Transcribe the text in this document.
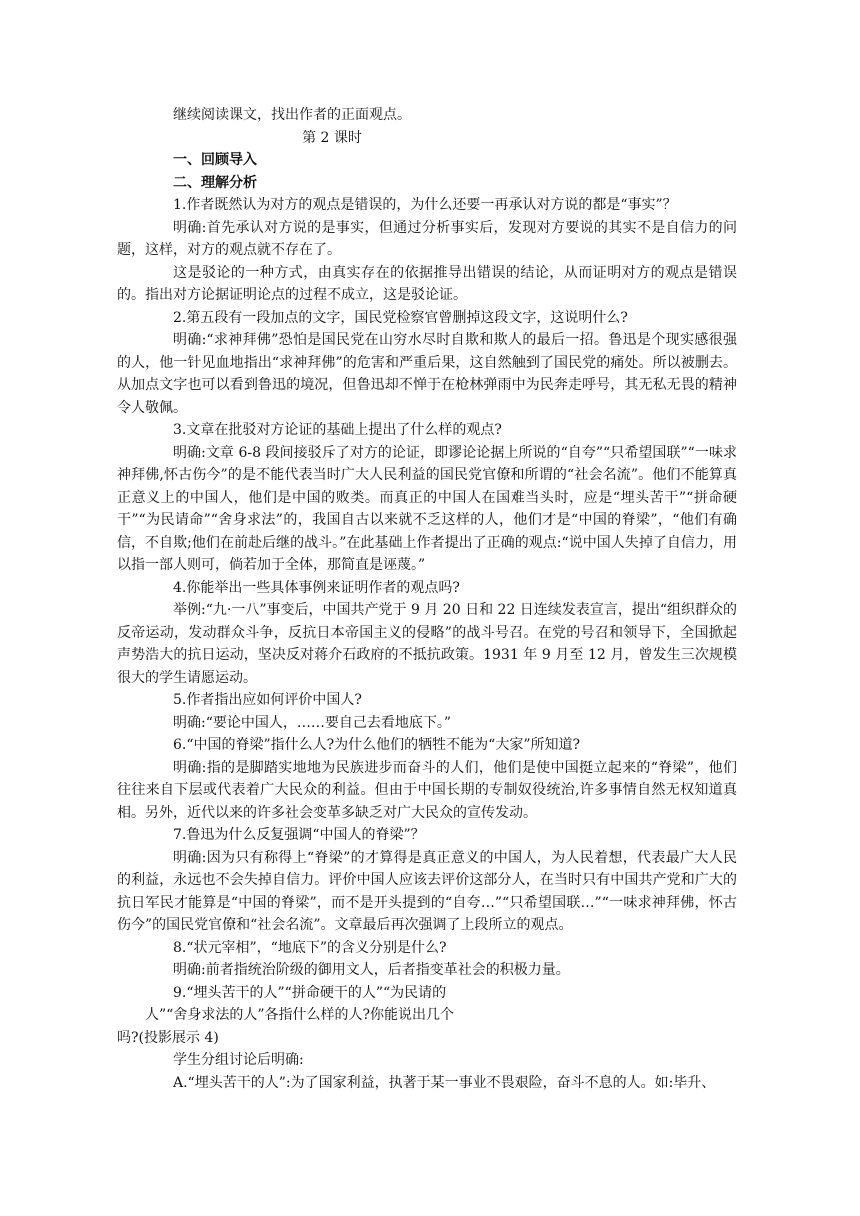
继续阅读课文，找出作者的正面观点。

第 2 课时

一、回顾导入

二、理解分析

1.作者既然认为对方的观点是错误的，为什么还要一再承认对方说的都是“事实”？

明确:首先承认对方说的是事实，但通过分析事实后，发现对方要说的其实不是自信力的问题，这样，对方的观点就不存在了。

这是驳论的一种方式，由真实存在的依据推导出错误的结论，从而证明对方的观点是错误的。指出对方论据证明论点的过程不成立，这是驳论证。

2.第五段有一段加点的文字，国民党检察官曾删掉这段文字，这说明什么?

明确:“求神拜佛”恐怕是国民党在山穷水尽时自欺和欺人的最后一招。鲁迅是个现实感很强的人，他一针见血地指出“求神拜佛”的危害和严重后果，这自然触到了国民党的痛处。所以被删去。从加点文字也可以看到鲁迅的境况，但鲁迅却不惮于在枪林弹雨中为民奔走呼号，其无私无畏的精神令人敬佩。

3.文章在批驳对方论证的基础上提出了什么样的观点?

明确:文章 6-8 段间接驳斥了对方的论证，即谬论论据上所说的“自夸”“只希望国联”“一味求神拜佛,怀古伤今”的是不能代表当时广大人民利益的国民党官僚和所谓的“社会名流”。他们不能算真正意义上的中国人，他们是中国的败类。而真正的中国人在国难当头时，应是“埋头苦干”“拼命硬干”“为民请命”“舍身求法”的，我国自古以来就不乏这样的人，他们才是“中国的脊梁”，“他们有确信，不自欺;他们在前赴后继的战斗。”在此基础上作者提出了正确的观点:“说中国人失掉了自信力，用以指一部人则可，倘若加于全体，那简直是诬蔑。”

4.你能举出一些具体事例来证明作者的观点吗?

举例:“九·一八”事变后，中国共产党于 9 月 20 日和 22 日连续发表宣言，提出“组织群众的反帝运动，发动群众斗争，反抗日本帝国主义的侵略”的战斗号召。在党的号召和领导下，全国掀起声势浩大的抗日运动，坚决反对蒋介石政府的不抵抗政策。1931 年 9 月至 12 月，曾发生三次规模很大的学生请愿运动。

5.作者指出应如何评价中国人?

明确:“要论中国人，……要自己去看地底下。”

6.“中国的脊梁”指什么人?为什么他们的牺牲不能为“大家”所知道?

明确:指的是脚踏实地地为民族进步而奋斗的人们，他们是使中国挺立起来的“脊梁”，他们往往来自下层或代表着广大民众的利益。但由于中国长期的专制奴役统治,许多事情自然无权知道真相。另外，近代以来的许多社会变革多缺乏对广大民众的宣传发动。

7.鲁迅为什么反复强调“中国人的脊梁”？

明确:因为只有称得上“脊梁”的才算得是真正意义的中国人，为人民着想，代表最广大人民的利益，永远也不会失掉自信力。评价中国人应该去评价这部分人，在当时只有中国共产党和广大的抗日军民才能算是“中国的脊梁”，而不是开头提到的“自夸…”“只希望国联…”“一味求神拜佛，怀古伤今”的国民党官僚和“社会名流”。文章最后再次强调了上段所立的观点。

8.“状元宰相”，“地底下”的含义分别是什么?

明确:前者指统治阶级的御用文人，后者指变革社会的积极力量。

9.“埋头苦干的人”“拼命硬干的人”“为民请的

人”“舍身求法的人”各指什么样的人?你能说出几个

吗?(投影展示 4)

学生分组讨论后明确:

A.“埋头苦干的人”:为了国家利益，执著于某一事业不畏艰险，奋斗不息的人。如:毕升、
